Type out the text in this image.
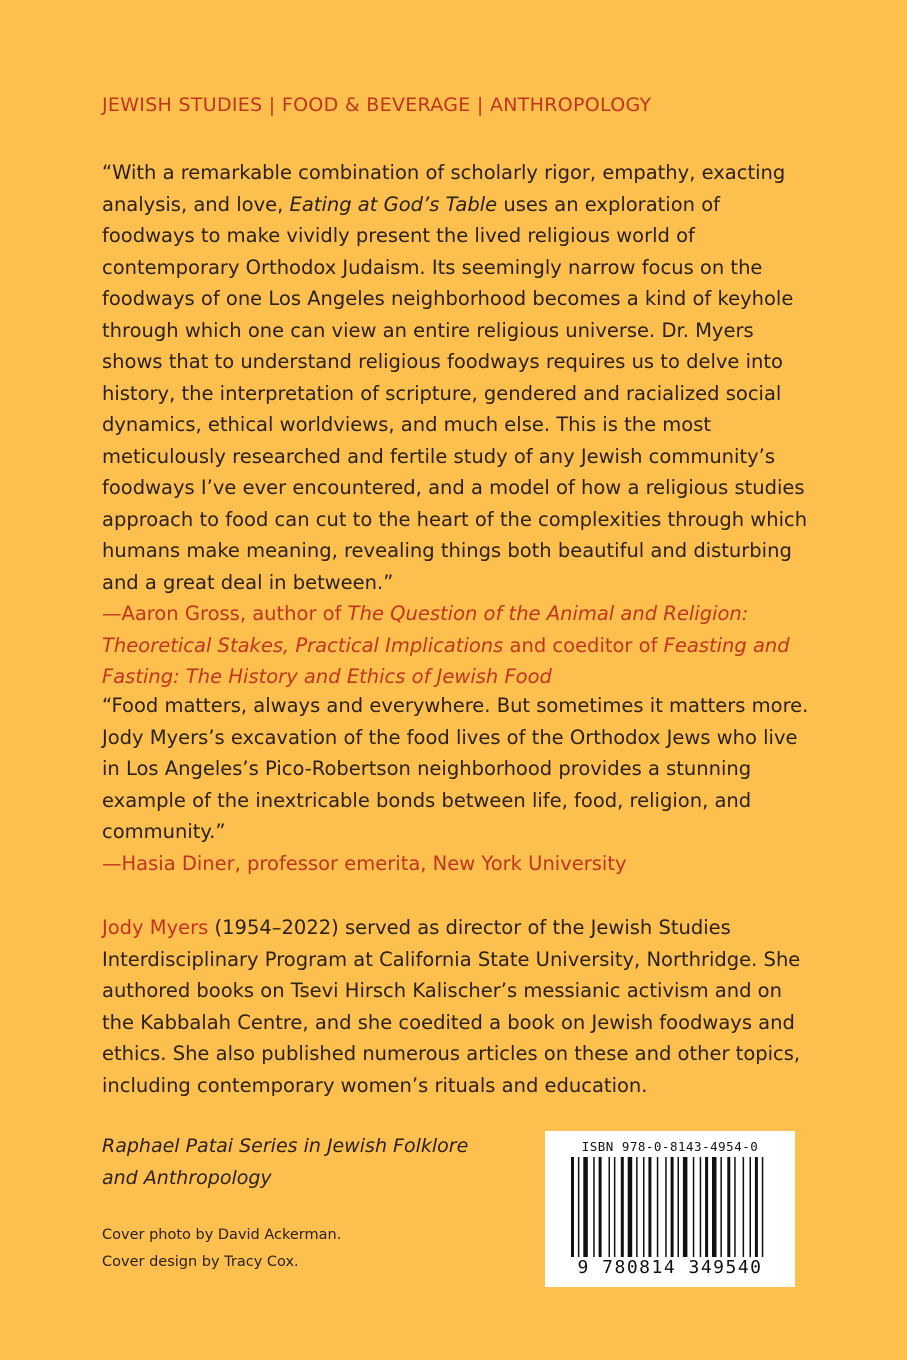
JEWISH STUDIES | FOOD & BEVERAGE | ANTHROPOLOGY

“With a remarkable combination of scholarly rigor, empathy, exacting analysis, and love, Eating at God’s Table uses an exploration of foodways to make vividly present the lived religious world of contemporary Orthodox Judaism. Its seemingly narrow focus on the foodways of one Los Angeles neighborhood becomes a kind of keyhole through which one can view an entire religious universe. Dr. Myers shows that to understand religious foodways requires us to delve into history, the interpretation of scripture, gendered and racialized social dynamics, ethical worldviews, and much else. This is the most meticulously researched and fertile study of any Jewish community’s foodways I’ve ever encountered, and a model of how a religious studies approach to food can cut to the heart of the complexities through which humans make meaning, revealing things both beautiful and disturbing and a great deal in between.”

—Aaron Gross, author of The Question of the Animal and Religion: Theoretical Stakes, Practical Implications and coeditor of Feasting and Fasting: The History and Ethics of Jewish Food

“Food matters, always and everywhere. But sometimes it matters more. Jody Myers’s excavation of the food lives of the Orthodox Jews who live in Los Angeles’s Pico-Robertson neighborhood provides a stunning example of the inextricable bonds between life, food, religion, and community.”

—Hasia Diner, professor emerita, New York University

Jody Myers (1954–2022) served as director of the Jewish Studies Interdisciplinary Program at California State University, Northridge. She authored books on Tsevi Hirsch Kalischer’s messianic activism and on the Kabbalah Centre, and she coedited a book on Jewish foodways and ethics. She also published numerous articles on these and other topics, including contemporary women’s rituals and education.

Raphael Patai Series in Jewish Folklore
and Anthropology
Cover photo by David Ackerman.
Cover design by Tracy Cox.
ISBN 978-0-8143-4954-0
9 780814 349540
